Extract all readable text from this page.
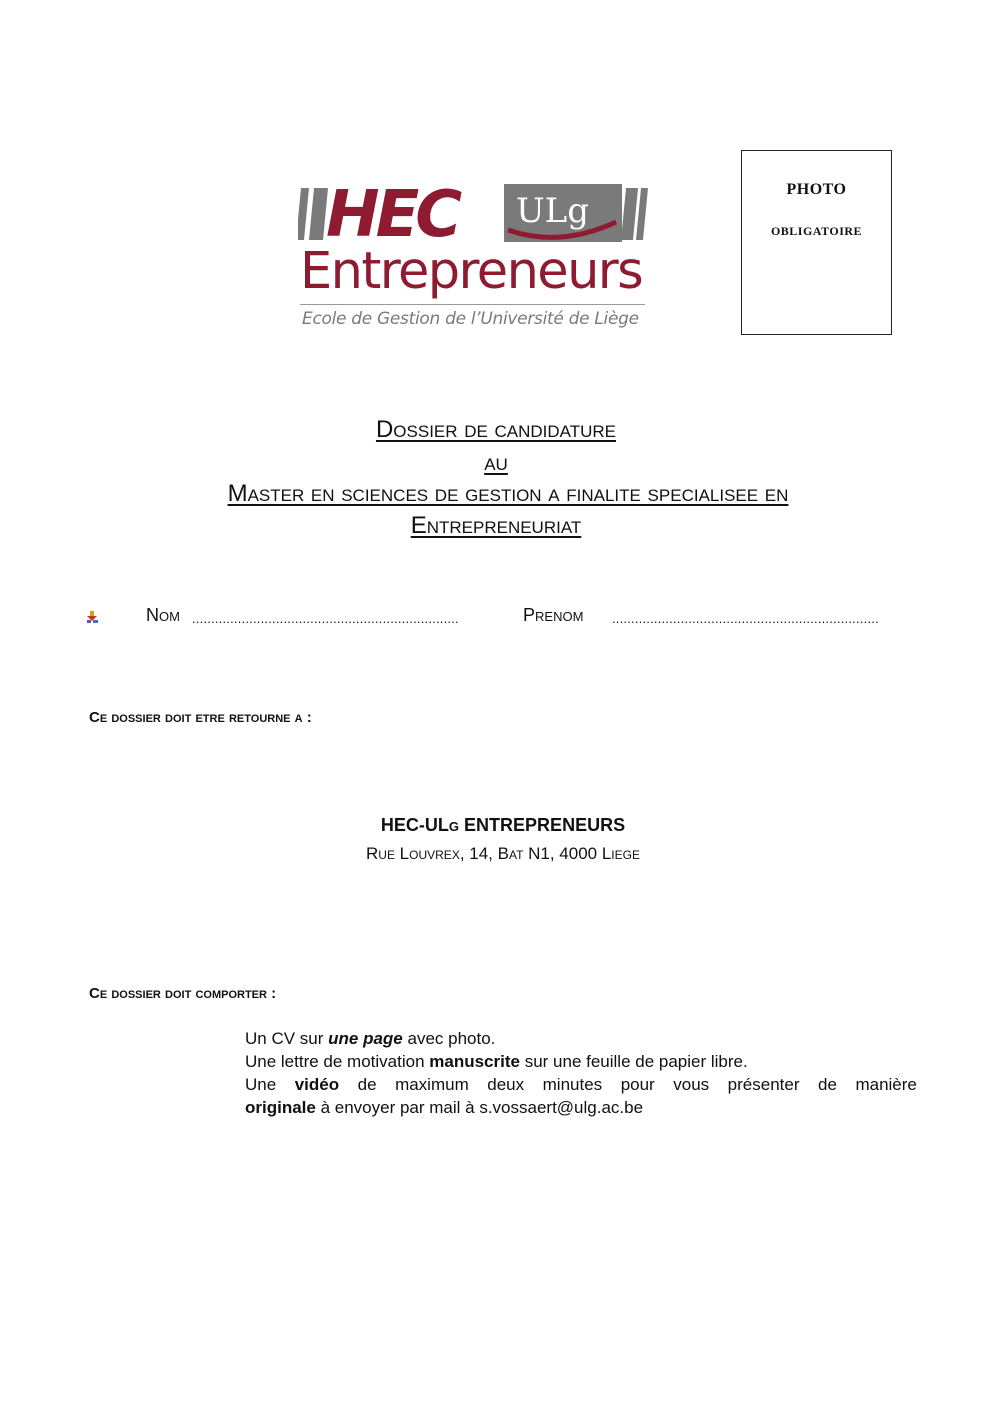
HEC ULg
Entrepreneurs
Ecole de Gestion de l’Université de Liège
PHOTO
OBLIGATOIRE
Dossier de candidature
au
Master en sciences de gestion a finalite specialisee en
Entrepreneuriat
Nom ......................................................................	Prenom ......................................................................
Ce dossier doit etre retourne a :
HEC-ULg ENTREPRENEURS
Rue Louvrex, 14, Bat N1, 4000 Liege
Ce dossier doit comporter :
Un CV sur une page avec photo.
Une lettre de motivation manuscrite sur une feuille de papier libre.
Une vidéo de maximum deux minutes pour vous présenter de manière
originale à envoyer par mail à s.vossaert@ulg.ac.be
